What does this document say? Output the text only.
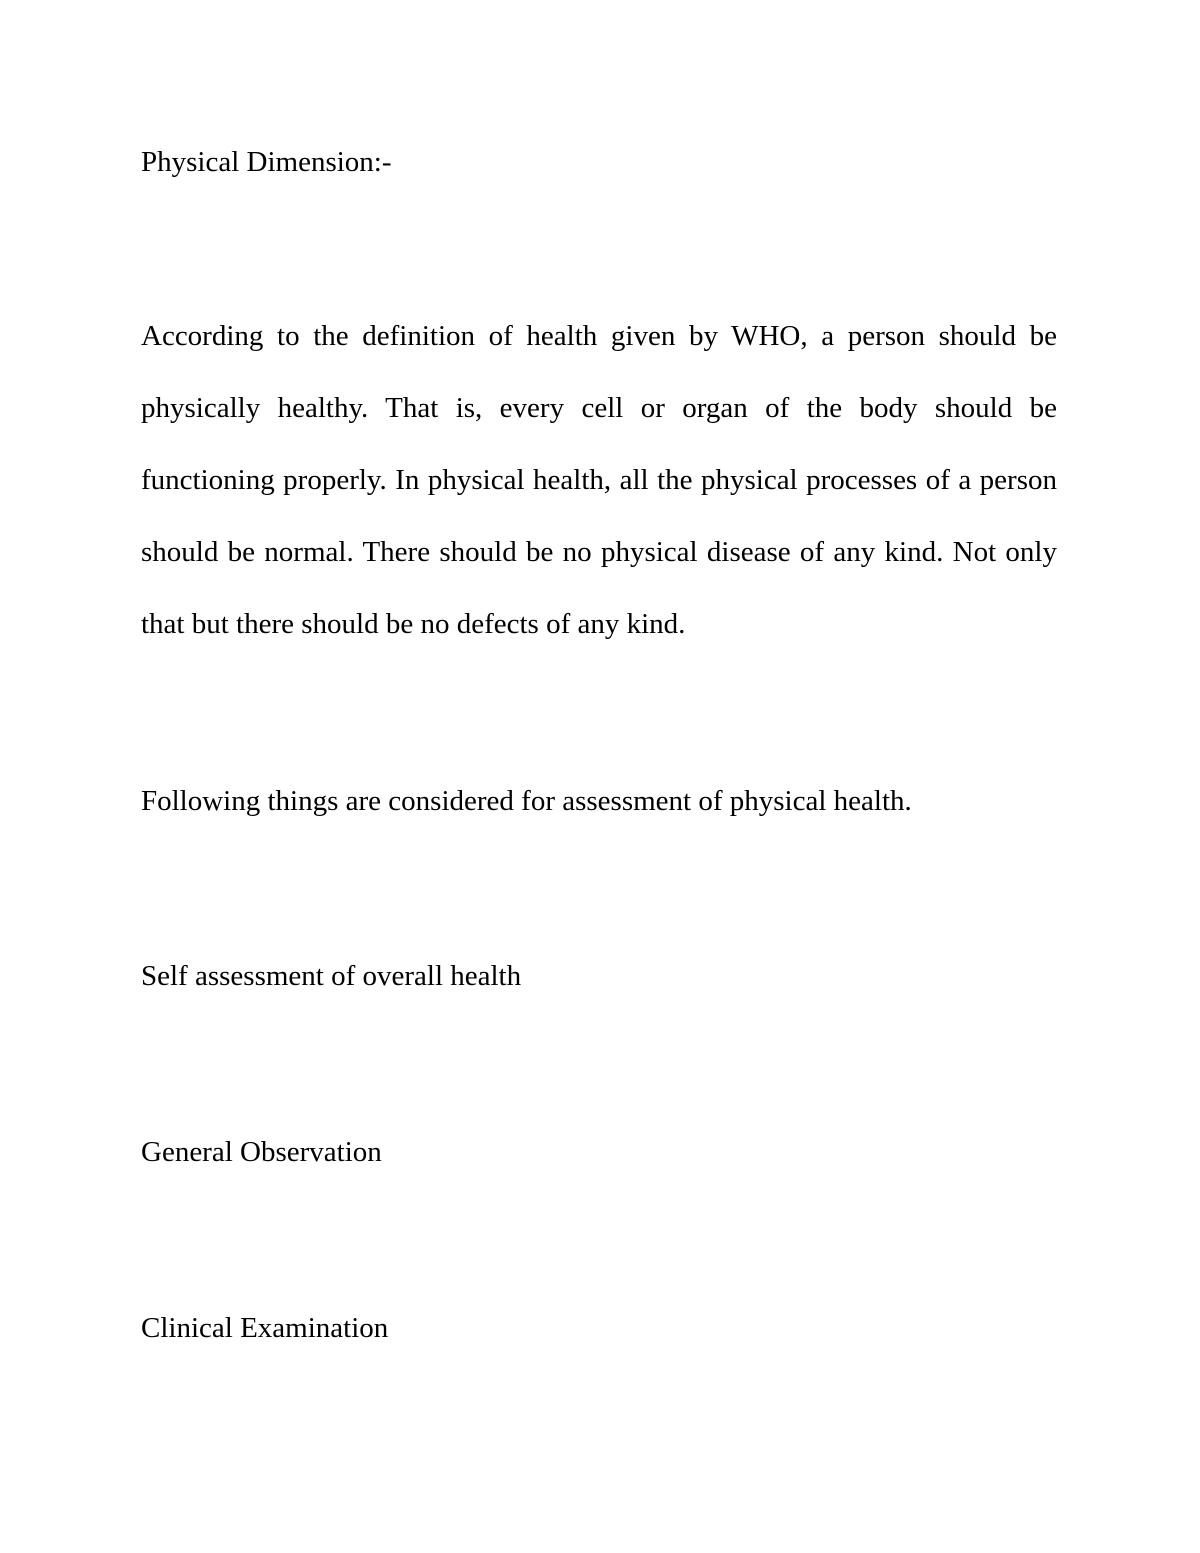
Physical Dimension:-

According to the definition of health given by WHO, a person should be physically healthy. That is, every cell or organ of the body should be functioning properly. In physical health, all the physical processes of a person should be normal. There should be no physical disease of any kind. Not only that but there should be no defects of any kind.

Following things are considered for assessment of physical health.

Self assessment of overall health

General Observation

Clinical Examination
